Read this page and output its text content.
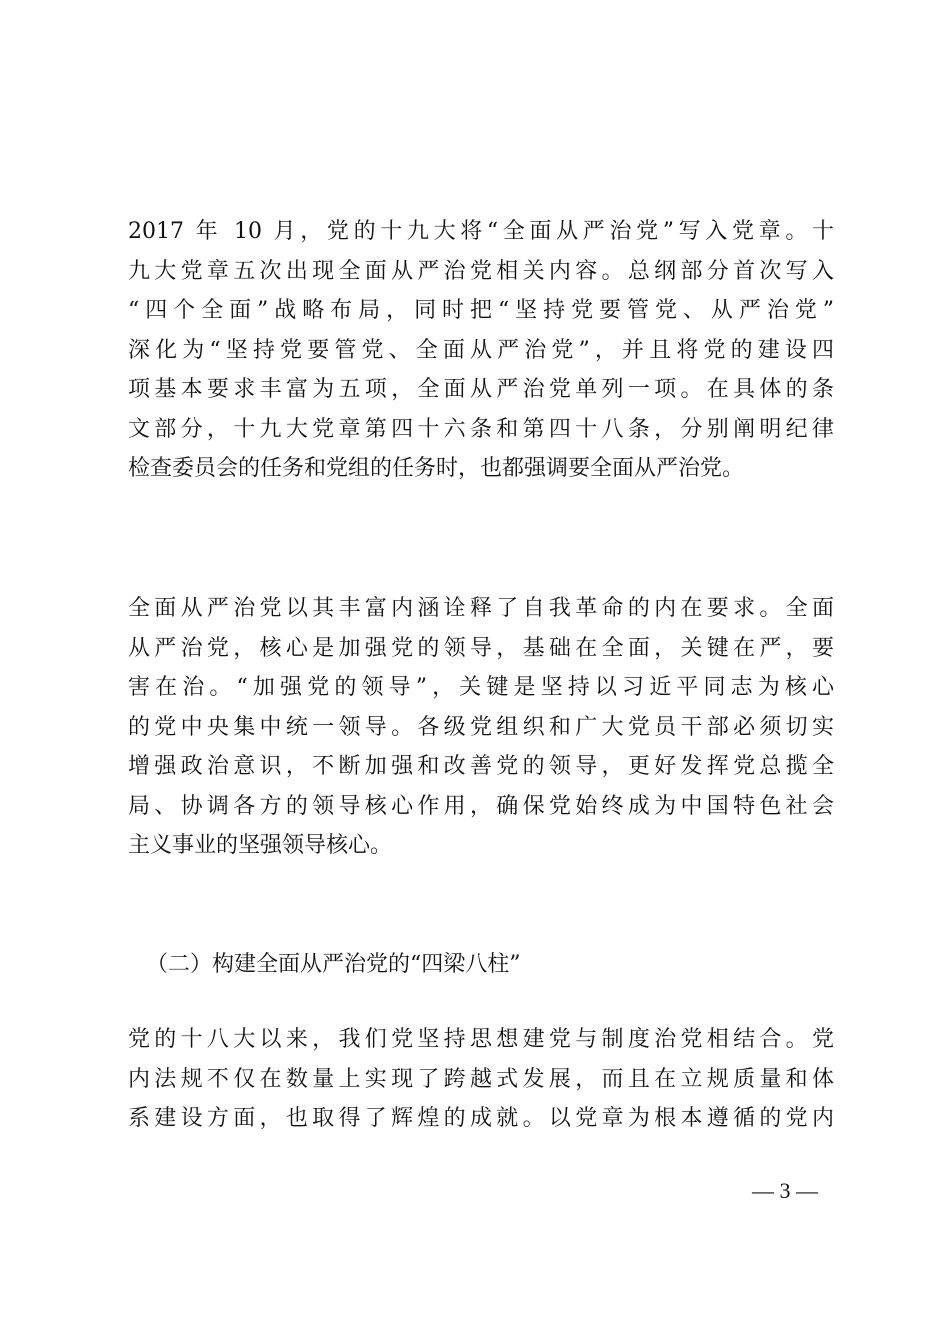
2017 年 10 月，党的十九大将“全面从严治党”写入党章。十
九大党章五次出现全面从严治党相关内容。总纲部分首次写入
“四个全面”战略布局，同时把“坚持党要管党、从严治党”
深化为“坚持党要管党、全面从严治党”，并且将党的建设四
项基本要求丰富为五项，全面从严治党单列一项。在具体的条
文部分，十九大党章第四十六条和第四十八条，分别阐明纪律
检查委员会的任务和党组的任务时，也都强调要全面从严治党。
全面从严治党以其丰富内涵诠释了自我革命的内在要求。全面
从严治党，核心是加强党的领导，基础在全面，关键在严，要
害在治。“加强党的领导”，关键是坚持以习近平同志为核心
的党中央集中统一领导。各级党组织和广大党员干部必须切实
增强政治意识，不断加强和改善党的领导，更好发挥党总揽全
局、协调各方的领导核心作用，确保党始终成为中国特色社会
主义事业的坚强领导核心。
（二）构建全面从严治党的“四梁八柱”
党的十八大以来，我们党坚持思想建党与制度治党相结合。党
内法规不仅在数量上实现了跨越式发展，而且在立规质量和体
系建设方面，也取得了辉煌的成就。以党章为根本遵循的党内
— 3 —
